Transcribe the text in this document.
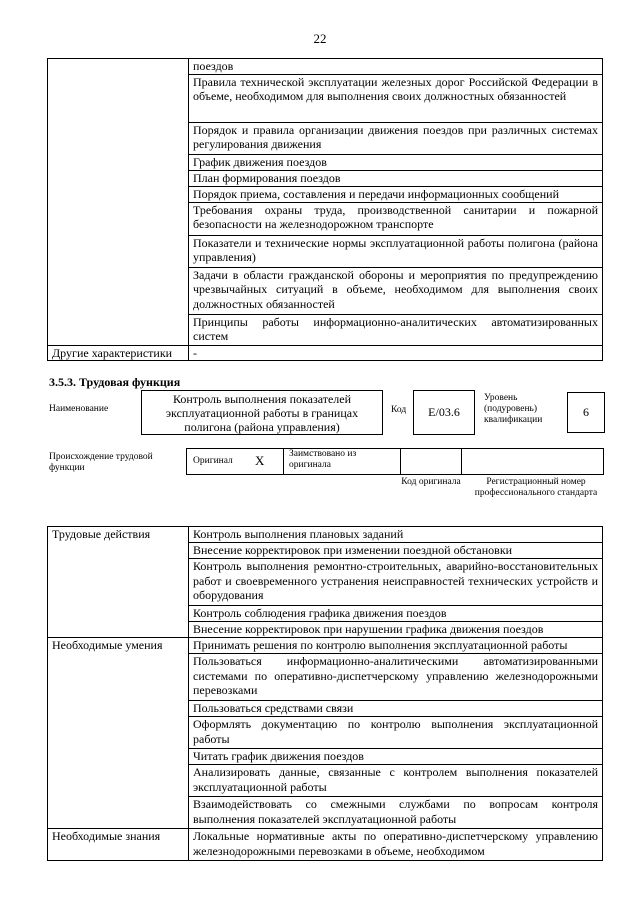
22
	поездов
	Правила технической эксплуатации железных дорог Российской Федерации в объеме, необходимом для выполнения своих должностных обязанностей
	Порядок и правила организации движения поездов при различных системах регулирования движения
	График движения поездов
	План формирования поездов
	Порядок приема, составления и передачи информационных сообщений
	Требования охраны труда, производственной санитарии и пожарной безопасности на железнодорожном транспорте
	Показатели и технические нормы эксплуатационной работы полигона (района управления)
	Задачи в области гражданской обороны и мероприятия по предупреждению чрезвычайных ситуаций в объеме, необходимом для выполнения своих должностных обязанностей
	Принципы работы информационно-аналитических автоматизированных систем
Другие характеристики	-
3.5.3. Трудовая функция
Наименование
Контроль выполнения показателей эксплуатационной работы в границах полигона (района управления)
Код E/03.6
Уровень (подуровень) квалификации
6
Происхождение трудовой функции
Оригинал X	Заимствовано из оригинала
Код оригинала	Регистрационный номер профессионального стандарта
Трудовые действия	Контроль выполнения плановых заданий
	Внесение корректировок при изменении поездной обстановки
	Контроль выполнения ремонтно-строительных, аварийно-восстановительных работ и своевременного устранения неисправностей технических устройств и оборудования
	Контроль соблюдения графика движения поездов
	Внесение корректировок при нарушении графика движения поездов
Необходимые умения	Принимать решения по контролю выполнения эксплуатационной работы
	Пользоваться информационно-аналитическими автоматизированными системами по оперативно-диспетчерскому управлению железнодорожными перевозками
	Пользоваться средствами связи
	Оформлять документацию по контролю выполнения эксплуатационной работы
	Читать график движения поездов
	Анализировать данные, связанные с контролем выполнения показателей эксплуатационной работы
	Взаимодействовать со смежными службами по вопросам контроля выполнения показателей эксплуатационной работы
Необходимые знания	Локальные нормативные акты по оперативно-диспетчерскому управлению железнодорожными перевозками в объеме, необходимом
